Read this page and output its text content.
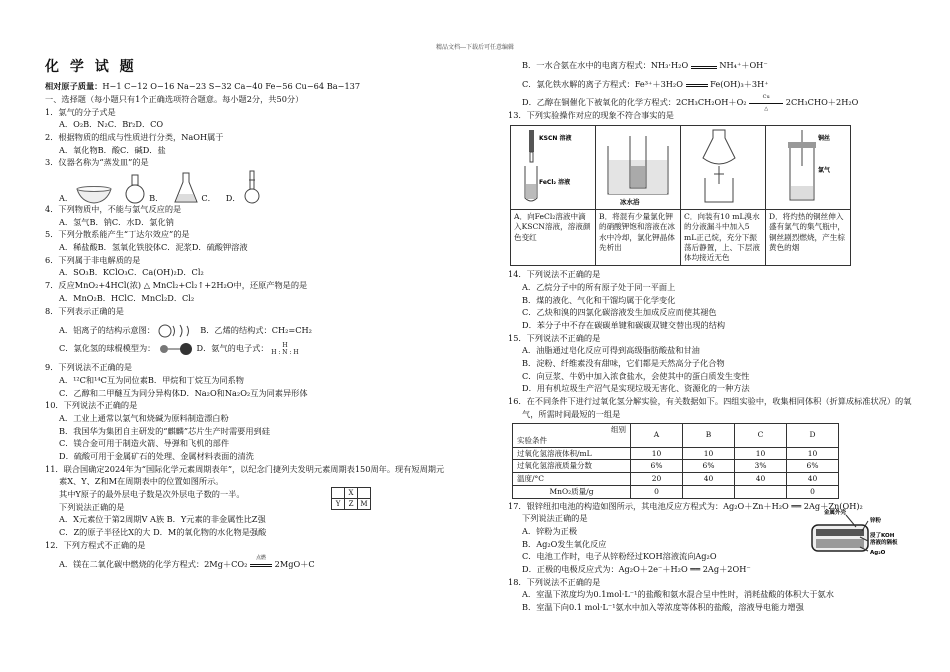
精品文档---下载后可任意编辑
化 学 试 题
相对原子质量：H−1 C−12 O−16 Na−23 S−32 Ca−40 Fe−56 Cu−64 Ba−137
一、选择题（每小题只有1个正确选项符合题意。每小题2分，共50分）
1．氯气的分子式是
A．O₂B．N₂C．Br₂D．CO
2．根据物质的组成与性质进行分类，NaOH属于
A．氧化物B．酸C．碱D．盐
3．仪器名称为“蒸发皿”的是
A．	B．	C． D．
4．下列物质中，不能与氯气反应的是
A．氢气B．钠C．水D．氯化钠
5．下列分散系能产生“丁达尔效应”的是
A．稀盐酸B．氢氧化铁胶体C．泥浆D．硫酸钾溶液
6．下列属于非电解质的是
A．SO₃B．KClO₃C．Ca(OH)₂D．Cl₂
7．反应MnO₂+4HCl(浓) △ MnCl₂+Cl₂↑+2H₂O中，还原产物是的是
A．MnO₂B．HClC．MnCl₂D．Cl₂
8．下列表示正确的是
A．铝离子的结构示意图：	B．乙烯的结构式：CH₂=CH₂
C．氯化氢的球棍模型为：	D．氨气的电子式： H
H : N : H
9．下列说法不正确的是
A．¹²C和¹⁴C互为同位素B．甲烷和丁烷互为同系物
C．乙醇和二甲醚互为同分异构体D．Na₂O和Na₂O₂互为同素异形体
10．下列说法不正确的是
A．工业上通常以氯气和烧碱为原料制造漂白粉
B．我国华为集团自主研发的“麒麟”芯片生产时需要用到硅
C．镁合金可用于制造火箭、导弹和飞机的部件
D．硫酸可用于金属矿石的处理、金属材料表面的清洗
11．联合国确定2024年为“国际化学元素周期表年”，以纪念门捷列夫发明元素周期表150周年。现有短周期元
素X、Y、Z和M在周期表中的位置如图所示。
	X	
Y	Z	M
其中Y原子的最外层电子数是次外层电子数的一半。
下列说法正确的是
A．X元素位于第2周期Ⅴ A族 B．Y元素的非金属性比Z强
C．Z的原子半径比X的大 D．M的氧化物的水化物是强酸
12．下列方程式不正确的是
A．镁在二氧化碳中燃烧的化学方程式：2Mg＋CO₂
点燃
2MgO＋C
B．一水合氨在水中的电离方程式：NH₃·H₂O	NH₄⁺＋OH⁻
C．氯化铁水解的离子方程式：Fe³⁺＋3H₂O	Fe(OH)₃＋3H⁺
D．乙醇在铜催化下被氧化的化学方程式：2CH₃CH₂OH＋O₂
Cu
△
2CH₃CHO＋2H₂O
13．下列实验操作对应的现象不符合事实的是
KSCN 溶液
FeCl₂ 溶液	冰水浴		铜丝
氯气

A．向FeCl₂溶液中滴入KSCN溶液，溶液颜色变红	B．将混有少量氯化钾的硝酸钾饱和溶液在冰水中冷却，氯化钾晶体先析出	C．向装有10 mL溴水的分液漏斗中加入5 mL正己烷，充分下振荡后静置，上、下层液体均接近无色	D．将灼热的铜丝伸入盛有氯气的集气瓶中，铜丝剧烈燃烧，产生棕黄色的烟
14．下列说法不正确的是
A．乙烷分子中的所有原子处于同一平面上
B．煤的液化、气化和干馏均属于化学变化
C．乙炔和溴的四氯化碳溶液发生加成反应而使其褪色
D．苯分子中不存在碳碳单键和碳碳双键交替出现的结构
15．下列说法不正确的是
A．油脂通过皂化反应可得到高级脂肪酸盐和甘油
B．淀粉、纤维素没有甜味，它们都是天然高分子化合物
C．向豆浆、牛奶中加入浓食盐水，会使其中的蛋白质发生变性
D．用有机垃圾生产沼气是实现垃圾无害化、资源化的一种方法
16．在不同条件下进行过氧化氢分解实验，有关数据如下。四组实验中，收集相同体积（折算成标准状况）的氧
气，所需时间最短的一组是
组别
实验条件	A	B	C	D
过氧化氢溶液体积/mL	10	10	10	10
过氧化氢溶液质量分数	6%	6%	3%	6%
温度/°C	20	40	40	40
MnO₂质量/g	0			0
17．银锌纽扣电池的构造如图所示，其电池反应方程式为：Ag₂O＋Zn＋H₂O ══ 2Ag＋Zn(OH)₂
金属外壳
锌粉
浸了KOH
溶液的隔板
Ag₂O
下列说法正确的是
A．锌粉为正极
B．Ag₂O发生氧化反应
C．电池工作时，电子从锌粉经过KOH溶液流向Ag₂O
D．正极的电极反应式为：Ag₂O＋2e⁻＋H₂O ══ 2Ag＋2OH⁻
18．下列说法不正确的是
A．室温下浓度均为0.1mol·L⁻¹的盐酸和氨水混合呈中性时，消耗盐酸的体积大于氨水
B．室温下向0.1 mol·L⁻¹氨水中加入等浓度等体积的盐酸，溶液导电能力增强
